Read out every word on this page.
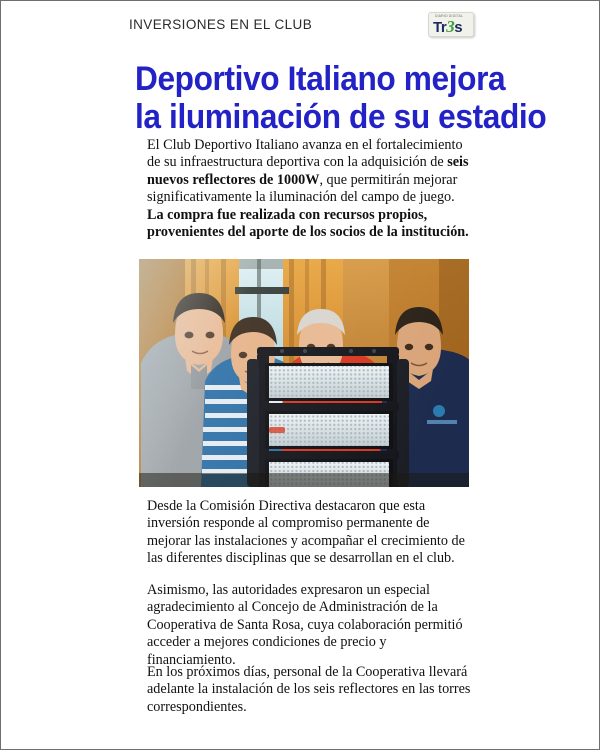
INVERSIONES EN EL CLUB
DIARIO DIGITAL
Tr3s
Deportivo Italiano mejora
la iluminación de su estadio

El Club Deportivo Italiano avanza en el fortalecimiento de su infraestructura deportiva con la adquisición de seis nuevos reflectores de 1000W, que permitirán mejorar significativamente la iluminación del campo de juego.

La compra fue realizada con recursos propios, provenientes del aporte de los socios de la institución.

Desde la Comisión Directiva destacaron que esta inversión responde al compromiso permanente de mejorar las instalaciones y acompañar el crecimiento de las diferentes disciplinas que se desarrollan en el club.

Asimismo, las autoridades expresaron un especial agradecimiento al Concejo de Administración de la Cooperativa de Santa Rosa, cuya colaboración permitió acceder a mejores condiciones de precio y financiamiento.

En los próximos días, personal de la Cooperativa llevará adelante la instalación de los seis reflectores en las torres correspondientes.
